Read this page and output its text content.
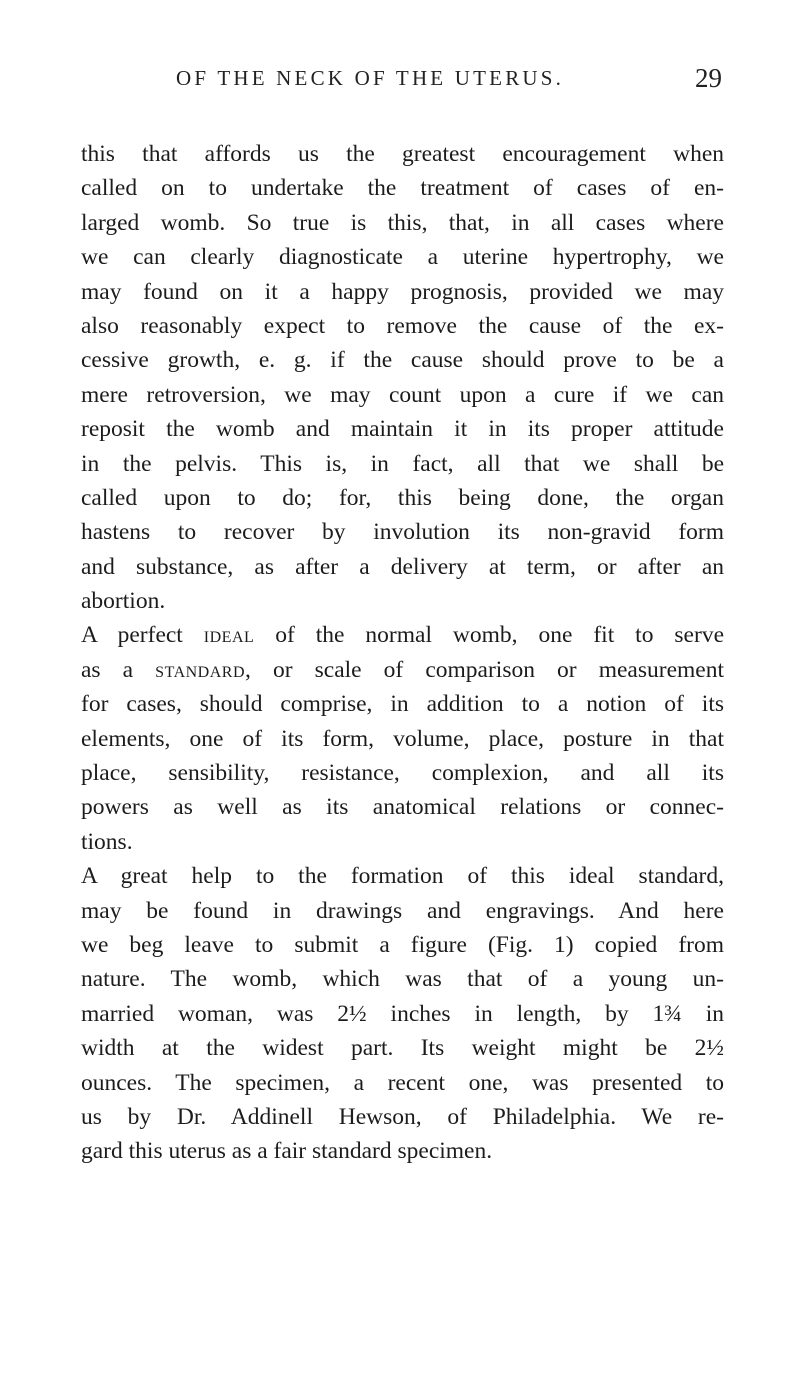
OF THE NECK OF THE UTERUS.	29
this that affords us the greatest encouragement when
called on to undertake the treatment of cases of en-
larged womb. So true is this, that, in all cases where
we can clearly diagnosticate a uterine hypertrophy, we
may found on it a happy prognosis, provided we may
also reasonably expect to remove the cause of the ex-
cessive growth, e. g. if the cause should prove to be a
mere retroversion, we may count upon a cure if we can
reposit the womb and maintain it in its proper attitude
in the pelvis. This is, in fact, all that we shall be
called upon to do; for, this being done, the organ
hastens to recover by involution its non-gravid form
and substance, as after a delivery at term, or after an
abortion.
A perfect ideal of the normal womb, one fit to serve
as a standard, or scale of comparison or measurement
for cases, should comprise, in addition to a notion of its
elements, one of its form, volume, place, posture in that
place, sensibility, resistance, complexion, and all its
powers as well as its anatomical relations or connec-
tions.
A great help to the formation of this ideal standard,
may be found in drawings and engravings. And here
we beg leave to submit a figure (Fig. 1) copied from
nature. The womb, which was that of a young un-
married woman, was 2½ inches in length, by 1¾ in
width at the widest part. Its weight might be 2½
ounces. The specimen, a recent one, was presented to
us by Dr. Addinell Hewson, of Philadelphia. We re-
gard this uterus as a fair standard specimen.
